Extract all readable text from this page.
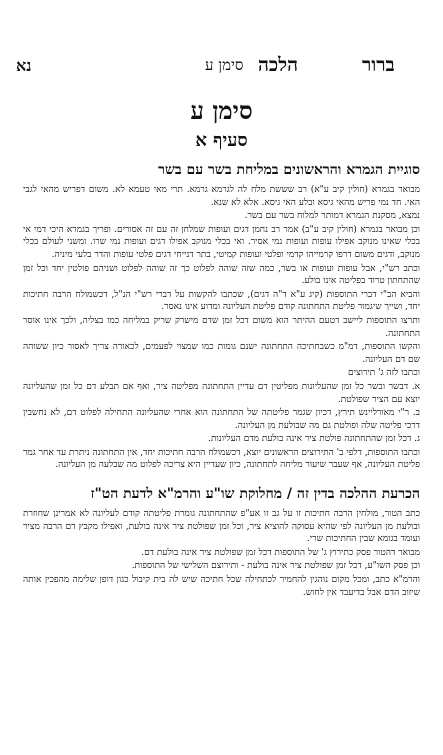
נא	סימן ע הלכה	ברור
סימן ע
סעיף א
סוגיית הגמרא והראשונים במליחת בשר עם בשר

מבואר בגמרא (חולין קיב ע"א) רב שששת מלח לה לגרמא גרמא. תרי מאי טעמא לא. משום דפריש מהאי לגבי האי. חד נמי פריש מהאי גיסא ובלע האי גיסא. אלא לא שנא.

נמצא, מסקנת הגמרא דמותר למלוח בשר עם בשר.

וכן מבואר בגמרא (חולין קיב ע"ב) אמר רב נחמן דגים ועופות שמלחן זה עם זה אסורים. ופריך בגמרא היכי דמי אי בכלי שאינו מנוקב אפילו עופות ועופות נמי אסיר. ואי בכלי מנוקב אפילו דגים ועופות נמי שרו. ומשני לעולם בכלי מנוקב, ודגים משום דרפו קרמייהו קדמי ופלטי ועופות קמיטי, בתר דנייחי דגים פלטי עופות והדר בלעי מיניה.

וכתב רש"י, אבל עופות ועופות או בשר, כמה שזה שוהה לפלוט כך זה שוהה לפלוט ושניהם פולטין יחד וכל זמן שהתחתון טרוד בפליטה אינו בולע.

והביא הב"י דברי התוספות (קיג ע"א ד"ה דגים), שכתבו להקשות על דברי רש"י הנ"ל, דכשמולח הרבה חתיכות יחד, ושייך שיגמור פליטת התחתונה קודם פליטת העליונה ומדוע אינו נאסר.

ותרצו התוספות ליישב דטעם ההיתר הוא משום דכל זמן שדם מישרק שריק במליחה כמו בצליה, ולכך אינו אוסר התחתונה.

והקשו התוספות, דמ"מ כשבחתיכה התחתונה ישנם גומות כמו שמצוי לפעמים, לכאורה צריך לאסור כיון ששוהה שם דם העליונה.

וכתבו לזה ג' תירוצים

א. דבשר ובשר כל זמן שהעליונות מפליטין דם עדיין התחתונה מפליטה ציר, ואף אם תבלע דם כל זמן שהעליונה יוצא עם הציר שפולטת.

ב. ר"י מאורליינש תירץ, דכיון שגמר פליטתה של התחתונה הוא אחרי שהעליונה התחילה לפלוט דם, לא נחשבין דרכי פליטה שלה ופולטת גם מה שבולעת מן העליונה.

ג. דכל זמן שהתחתונה פולטת ציר אינה בולעת מדם העליונות.

וכתבו התוספות, דלפי ב' התירוצים הראשונים יוצא, דכשמולח הרבה חתיכות יחד, אין התחתונה ניתרת עד אחר גמר פליטת העליונה, אף שעבר שיעור מליחה לתחתונה, כיון שעדיין היא צריכה לפלוט מה שבלעה מן העליונה.

הכרעת ההלכה בדין זה / מחלוקת שו"ע והרמ"א לדעת הט"ז

כתב הטור, מולחין הרבה חתיכות זו על גב זו אע"פ שהתחתונה גומרת פליטתה קודם לעליונה לא אמרינן שחוזרת ובולעת מן העליונה לפי שהיא עסוקה להוציא ציר, וכל זמן שפולטת ציר אינה בולעת, ואפילו מקבץ דם הרבה מציר ועומד בגומא שבין החתיכות שרי.

מבואר דהטור פסק כתירוץ ג' של התוספות דכל זמן שפולטת ציר אינה בולעת דם.

וכן פסק השו"ע, דכל זמן שפולטת ציר אינה בולעת - ותירוצם השלישי של התוספות.

והרמ"א כתב, ומכל מקום נוהגין להחמיר לכתחילה שכל חתיכה שיש לה בית קיבול כגון דופן שלימה מהפכין אותה שיזוב הדם אבל בדיעבד אין לחוש.
